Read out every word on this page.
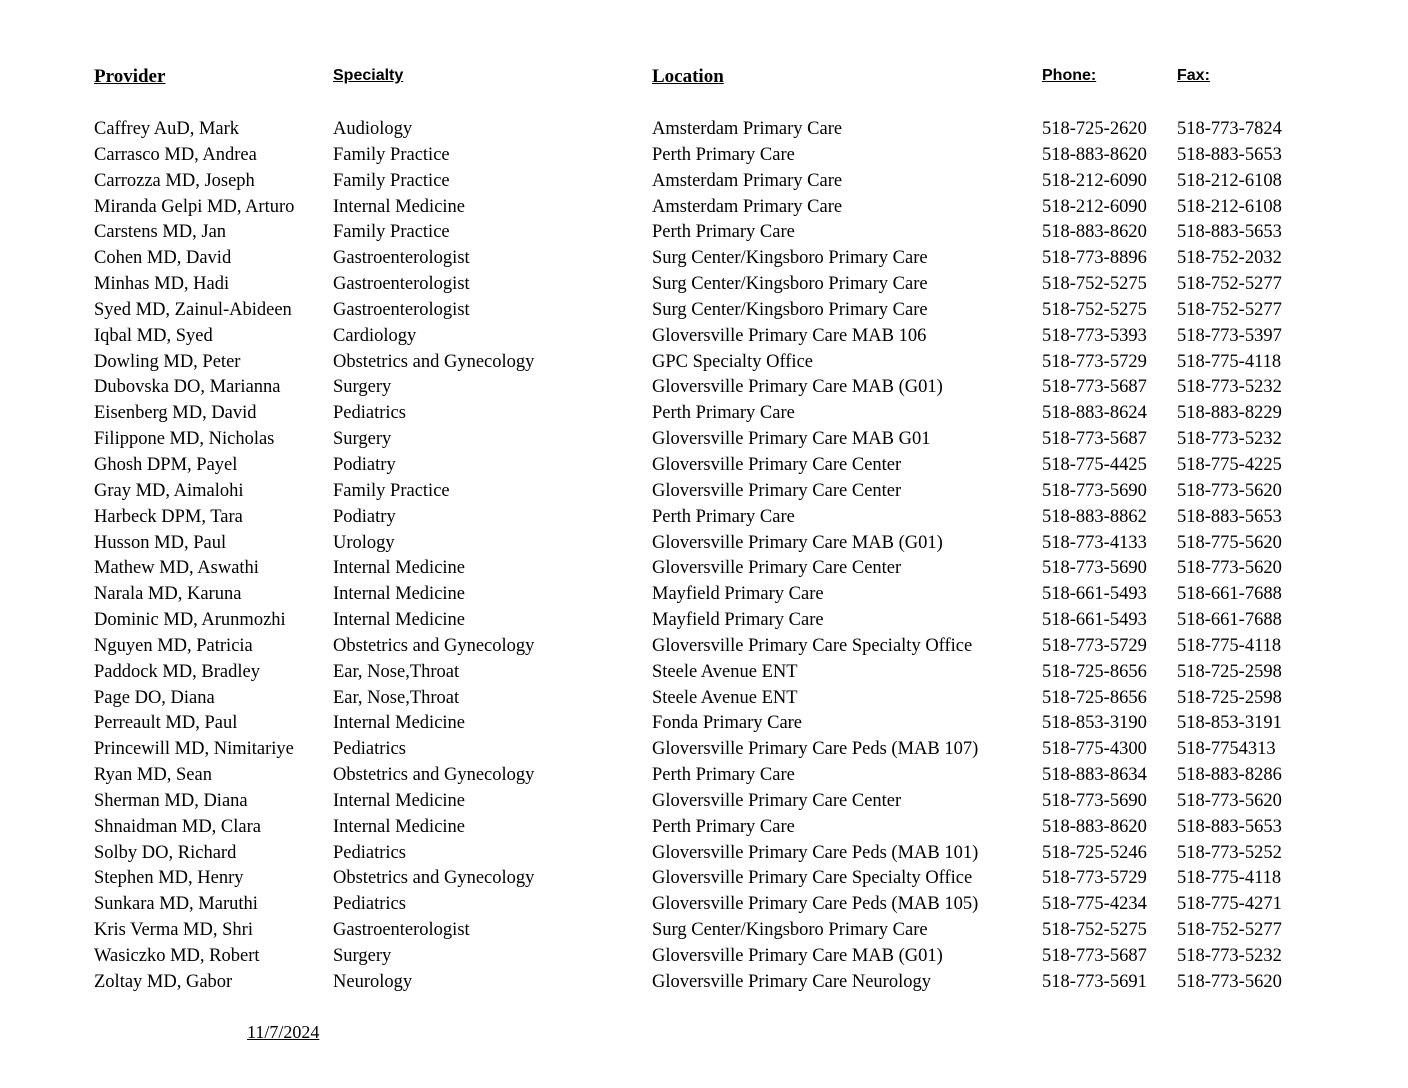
Provider	Specialty	Location	Phone:	Fax:
Caffrey AuD, Mark	Audiology	Amsterdam Primary Care	518-725-2620 518-773-7824
Carrasco MD, Andrea	Family Practice	Perth Primary Care	518-883-8620 518-883-5653
Carrozza MD, Joseph	Family Practice	Amsterdam Primary Care	518-212-6090 518-212-6108
Miranda Gelpi MD, Arturo Internal Medicine	Amsterdam Primary Care	518-212-6090 518-212-6108
Carstens MD, Jan	Family Practice	Perth Primary Care	518-883-8620 518-883-5653
Cohen MD, David	Gastroenterologist	Surg Center/Kingsboro Primary Care	518-773-8896 518-752-2032
Minhas MD, Hadi	Gastroenterologist	Surg Center/Kingsboro Primary Care	518-752-5275 518-752-5277
Syed MD, Zainul-Abideen Gastroenterologist	Surg Center/Kingsboro Primary Care	518-752-5275 518-752-5277
Iqbal MD, Syed	Cardiology	Gloversville Primary Care MAB 106	518-773-5393 518-773-5397
Dowling MD, Peter	Obstetrics and Gynecology	GPC Specialty Office	518-773-5729 518-775-4118
Dubovska DO, Marianna	Surgery	Gloversville Primary Care MAB (G01)	518-773-5687 518-773-5232
Eisenberg MD, David	Pediatrics	Perth Primary Care	518-883-8624 518-883-8229
Filippone MD, Nicholas	Surgery	Gloversville Primary Care MAB G01	518-773-5687 518-773-5232
Ghosh DPM, Payel	Podiatry	Gloversville Primary Care Center	518-775-4425 518-775-4225
Gray MD, Aimalohi	Family Practice	Gloversville Primary Care Center	518-773-5690 518-773-5620
Harbeck DPM, Tara	Podiatry	Perth Primary Care	518-883-8862 518-883-5653
Husson MD, Paul	Urology	Gloversville Primary Care MAB (G01)	518-773-4133 518-775-5620
Mathew MD, Aswathi	Internal Medicine	Gloversville Primary Care Center	518-773-5690 518-773-5620
Narala MD, Karuna	Internal Medicine	Mayfield Primary Care	518-661-5493 518-661-7688
Dominic MD, Arunmozhi	Internal Medicine	Mayfield Primary Care	518-661-5493 518-661-7688
Nguyen MD, Patricia	Obstetrics and Gynecology	Gloversville Primary Care Specialty Office	518-773-5729 518-775-4118
Paddock MD, Bradley	Ear, Nose,Throat	Steele Avenue ENT	518-725-8656 518-725-2598
Page DO, Diana	Ear, Nose,Throat	Steele Avenue ENT	518-725-8656 518-725-2598
Perreault MD, Paul	Internal Medicine	Fonda Primary Care	518-853-3190 518-853-3191
Princewill MD, Nimitariye Pediatrics	Gloversville Primary Care Peds (MAB 107)	518-775-4300 518-7754313
Ryan MD, Sean	Obstetrics and Gynecology	Perth Primary Care	518-883-8634 518-883-8286
Sherman MD, Diana	Internal Medicine	Gloversville Primary Care Center	518-773-5690 518-773-5620
Shnaidman MD, Clara	Internal Medicine	Perth Primary Care	518-883-8620 518-883-5653
Solby DO, Richard	Pediatrics	Gloversville Primary Care Peds (MAB 101)	518-725-5246 518-773-5252
Stephen MD, Henry	Obstetrics and Gynecology	Gloversville Primary Care Specialty Office	518-773-5729 518-775-4118
Sunkara MD, Maruthi	Pediatrics	Gloversville Primary Care Peds (MAB 105)	518-775-4234 518-775-4271
Kris Verma MD, Shri	Gastroenterologist	Surg Center/Kingsboro Primary Care	518-752-5275 518-752-5277
Wasiczko MD, Robert	Surgery	Gloversville Primary Care MAB (G01)	518-773-5687 518-773-5232
Zoltay MD, Gabor	Neurology	Gloversville Primary Care Neurology	518-773-5691 518-773-5620
11/7/2024
